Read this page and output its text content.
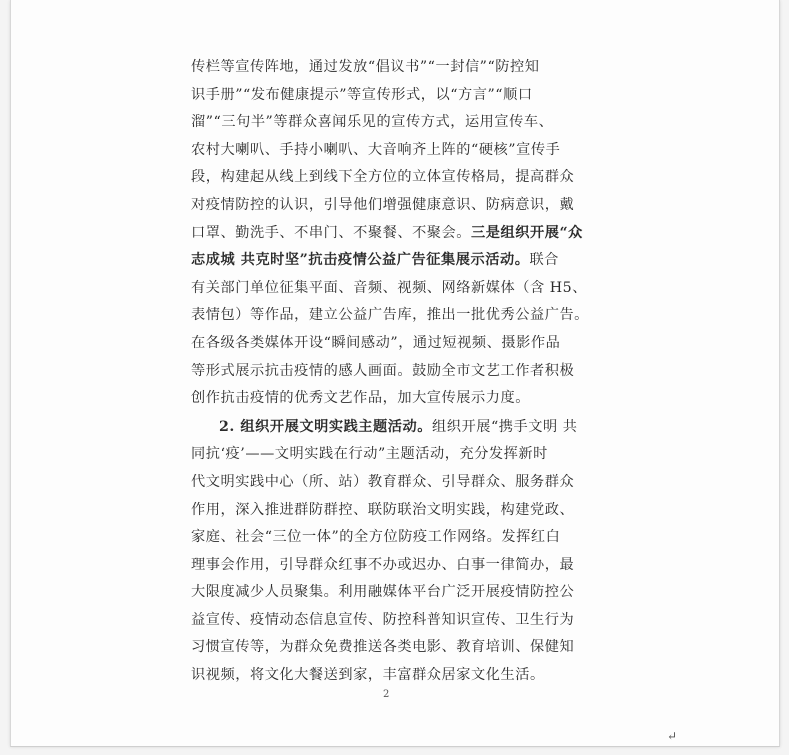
传栏等宣传阵地，通过发放“倡议书”“一封信”“防控知
识手册”“发布健康提示”等宣传形式，以“方言”“顺口
溜”“三句半”等群众喜闻乐见的宣传方式，运用宣传车、
农村大喇叭、手持小喇叭、大音响齐上阵的“硬核”宣传手
段，构建起从线上到线下全方位的立体宣传格局，提高群众
对疫情防控的认识，引导他们增强健康意识、防病意识，戴
口罩、勤洗手、不串门、不聚餐、不聚会。三是组织开展“众
志成城 共克时坚”抗击疫情公益广告征集展示活动。联合
有关部门单位征集平面、音频、视频、网络新媒体（含 H5、
表情包）等作品，建立公益广告库，推出一批优秀公益广告。
在各级各类媒体开设“瞬间感动”，通过短视频、摄影作品
等形式展示抗击疫情的感人画面。鼓励全市文艺工作者积极
创作抗击疫情的优秀文艺作品，加大宣传展示力度。
2. 组织开展文明实践主题活动。组织开展“携手文明 共
同抗‘疫’——文明实践在行动”主题活动，充分发挥新时
代文明实践中心（所、站）教育群众、引导群众、服务群众
作用，深入推进群防群控、联防联治文明实践，构建党政、
家庭、社会“三位一体”的全方位防疫工作网络。发挥红白
理事会作用，引导群众红事不办或迟办、白事一律简办，最
大限度减少人员聚集。利用融媒体平台广泛开展疫情防控公
益宣传、疫情动态信息宣传、防控科普知识宣传、卫生行为
习惯宣传等，为群众免费推送各类电影、教育培训、保健知
识视频，将文化大餐送到家，丰富群众居家文化生活。
2
↵
